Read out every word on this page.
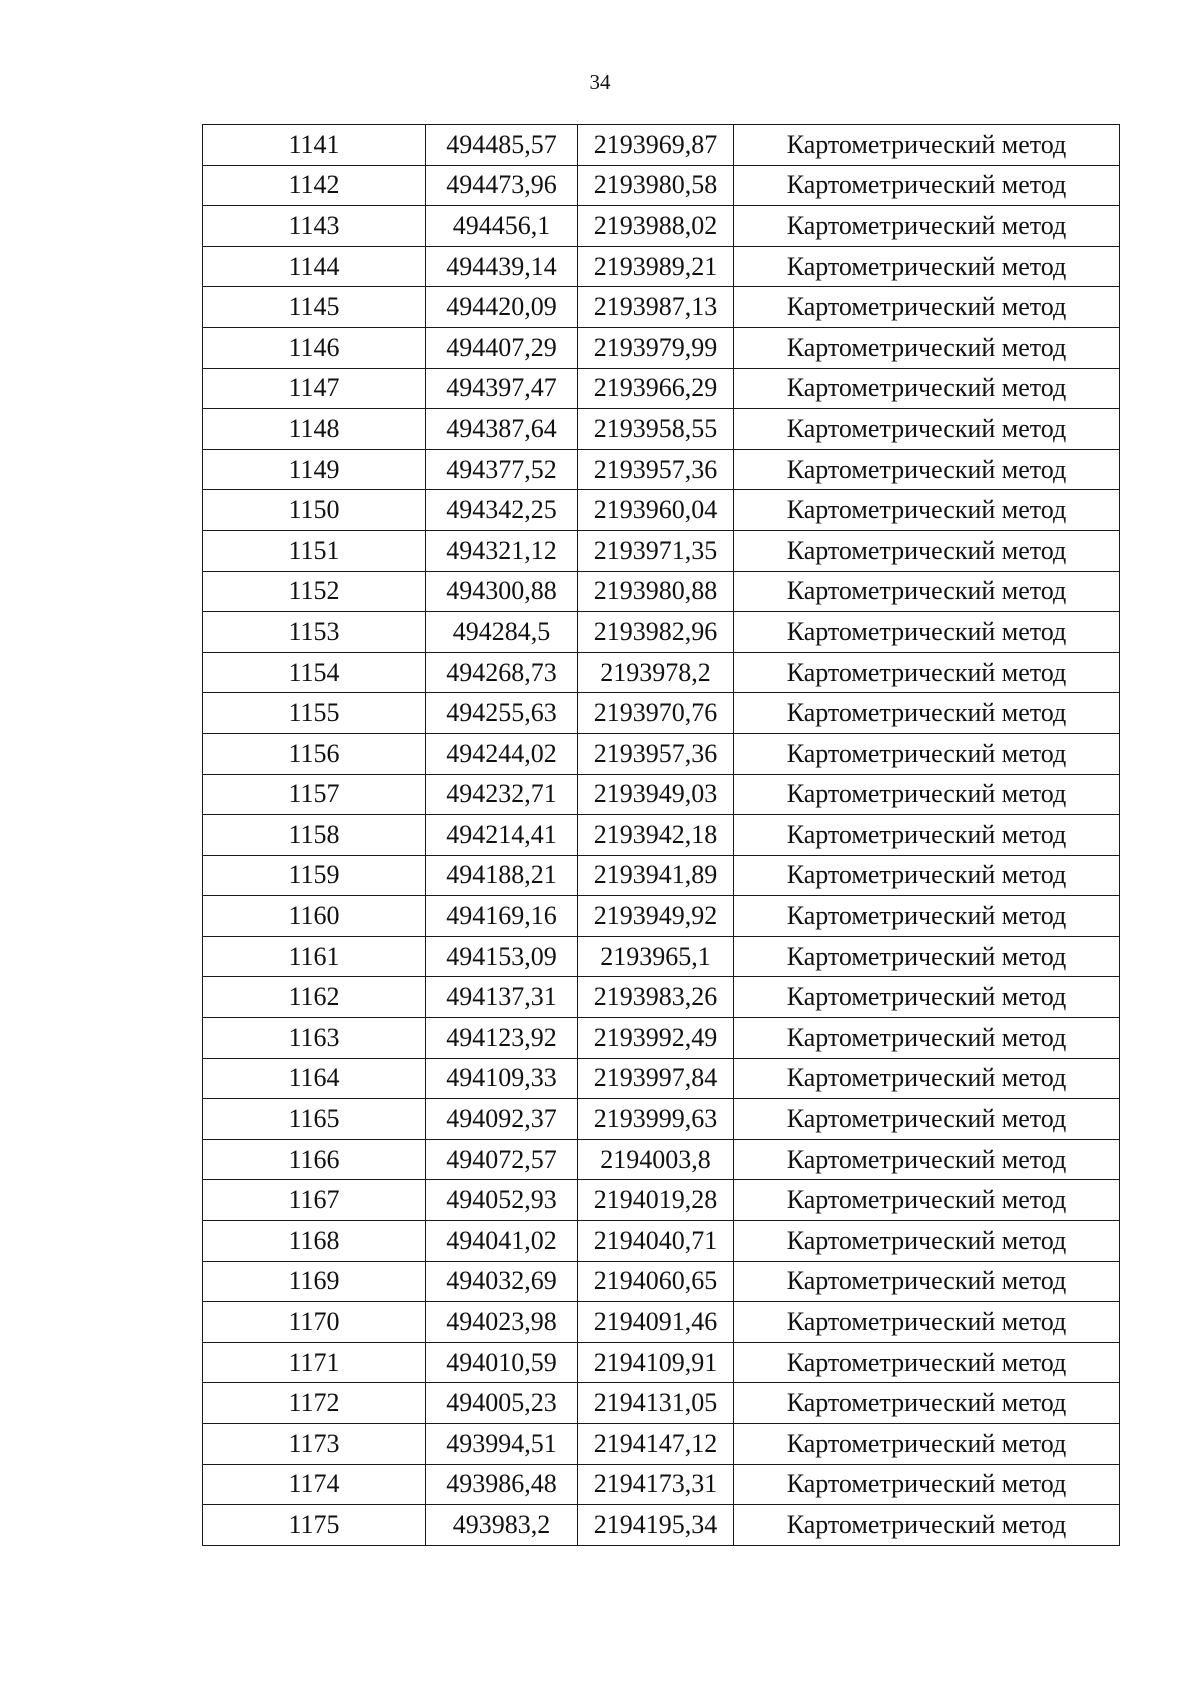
34
1141	494485,57	2193969,87	Картометрический метод
1142	494473,96	2193980,58	Картометрический метод
1143	494456,1	2193988,02	Картометрический метод
1144	494439,14	2193989,21	Картометрический метод
1145	494420,09	2193987,13	Картометрический метод
1146	494407,29	2193979,99	Картометрический метод
1147	494397,47	2193966,29	Картометрический метод
1148	494387,64	2193958,55	Картометрический метод
1149	494377,52	2193957,36	Картометрический метод
1150	494342,25	2193960,04	Картометрический метод
1151	494321,12	2193971,35	Картометрический метод
1152	494300,88	2193980,88	Картометрический метод
1153	494284,5	2193982,96	Картометрический метод
1154	494268,73	2193978,2	Картометрический метод
1155	494255,63	2193970,76	Картометрический метод
1156	494244,02	2193957,36	Картометрический метод
1157	494232,71	2193949,03	Картометрический метод
1158	494214,41	2193942,18	Картометрический метод
1159	494188,21	2193941,89	Картометрический метод
1160	494169,16	2193949,92	Картометрический метод
1161	494153,09	2193965,1	Картометрический метод
1162	494137,31	2193983,26	Картометрический метод
1163	494123,92	2193992,49	Картометрический метод
1164	494109,33	2193997,84	Картометрический метод
1165	494092,37	2193999,63	Картометрический метод
1166	494072,57	2194003,8	Картометрический метод
1167	494052,93	2194019,28	Картометрический метод
1168	494041,02	2194040,71	Картометрический метод
1169	494032,69	2194060,65	Картометрический метод
1170	494023,98	2194091,46	Картометрический метод
1171	494010,59	2194109,91	Картометрический метод
1172	494005,23	2194131,05	Картометрический метод
1173	493994,51	2194147,12	Картометрический метод
1174	493986,48	2194173,31	Картометрический метод
1175	493983,2	2194195,34	Картометрический метод
